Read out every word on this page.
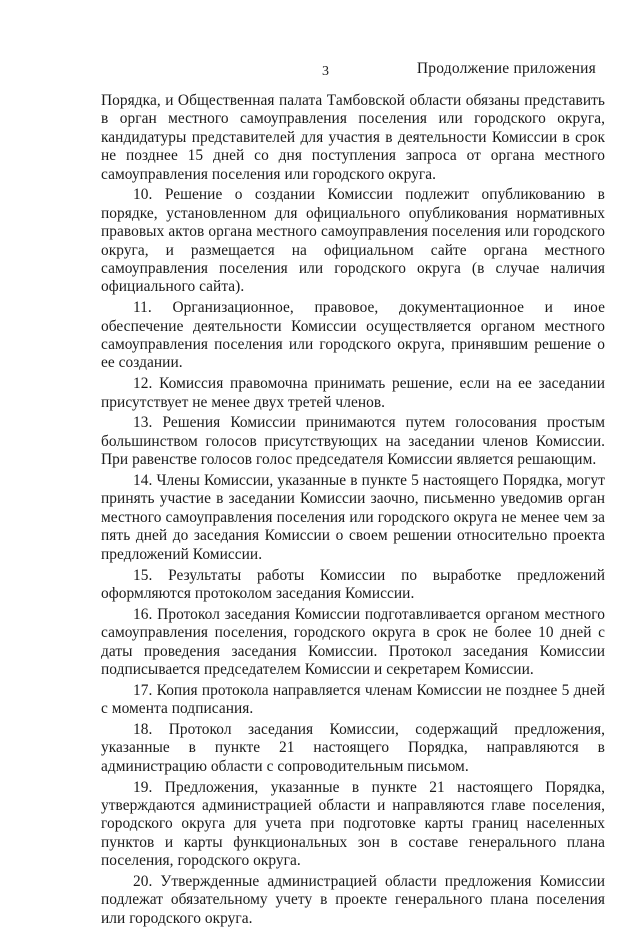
3	Продолжение приложения

Порядка, и Общественная палата Тамбовской области обязаны представить в орган местного самоуправления поселения или городского округа, кандидатуры представителей для участия в деятельности Комиссии в срок не позднее 15 дней со дня поступления запроса от органа местного самоуправления поселения или городского округа.

10. Решение о создании Комиссии подлежит опубликованию в порядке, установленном для официального опубликования нормативных правовых актов органа местного самоуправления поселения или городского округа, и размещается на официальном сайте органа местного самоуправления поселения или городского округа (в случае наличия официального сайта).

11. Организационное, правовое, документационное и иное обеспечение деятельности Комиссии осуществляется органом местного самоуправления поселения или городского округа, принявшим решение о ее создании.

12. Комиссия правомочна принимать решение, если на ее заседании присутствует не менее двух третей членов.

13. Решения Комиссии принимаются путем голосования простым большинством голосов присутствующих на заседании членов Комиссии. При равенстве голосов голос председателя Комиссии является решающим.

14. Члены Комиссии, указанные в пункте 5 настоящего Порядка, могут принять участие в заседании Комиссии заочно, письменно уведомив орган местного самоуправления поселения или городского округа не менее чем за пять дней до заседания Комиссии о своем решении относительно проекта предложений Комиссии.

15. Результаты работы Комиссии по выработке предложений оформляются протоколом заседания Комиссии.

16. Протокол заседания Комиссии подготавливается органом местного самоуправления поселения, городского округа в срок не более 10 дней с даты проведения заседания Комиссии. Протокол заседания Комиссии подписывается председателем Комиссии и секретарем Комиссии.

17. Копия протокола направляется членам Комиссии не позднее 5 дней с момента подписания.

18. Протокол заседания Комиссии, содержащий предложения, указанные в пункте 21 настоящего Порядка, направляются в администрацию области с сопроводительным письмом.

19. Предложения, указанные в пункте 21 настоящего Порядка, утверждаются администрацией области и направляются главе поселения, городского округа для учета при подготовке карты границ населенных пунктов и карты функциональных зон в составе генерального плана поселения, городского округа.

20. Утвержденные администрацией области предложения Комиссии подлежат обязательному учету в проекте генерального плана поселения или городского округа.
